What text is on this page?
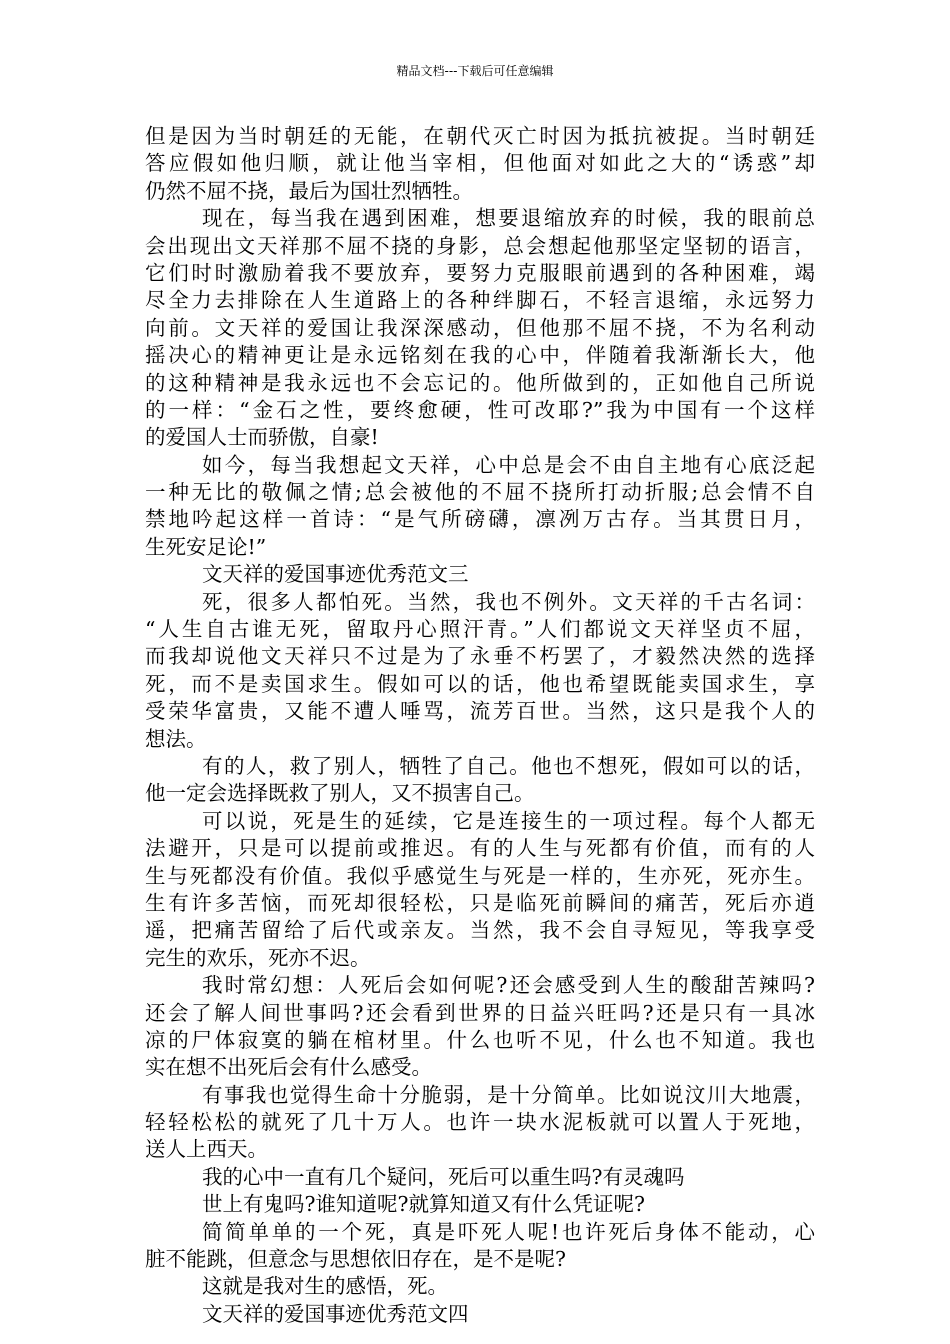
精品文档---下载后可任意编辑
但是因为当时朝廷的无能，在朝代灭亡时因为抵抗被捉。当时朝廷
答应假如他归顺，就让他当宰相，但他面对如此之大的“诱惑”却
仍然不屈不挠，最后为国壮烈牺牲。
现在，每当我在遇到困难，想要退缩放弃的时候，我的眼前总
会出现出文天祥那不屈不挠的身影，总会想起他那坚定坚韧的语言，
它们时时激励着我不要放弃，要努力克服眼前遇到的各种困难，竭
尽全力去排除在人生道路上的各种绊脚石，不轻言退缩，永远努力
向前。文天祥的爱国让我深深感动，但他那不屈不挠，不为名利动
摇决心的精神更让是永远铭刻在我的心中，伴随着我渐渐长大，他
的这种精神是我永远也不会忘记的。他所做到的，正如他自己所说
的一样：“金石之性，要终愈硬，性可改耶?”我为中国有一个这样
的爱国人士而骄傲，自豪!
如今，每当我想起文天祥，心中总是会不由自主地有心底泛起
一种无比的敬佩之情;总会被他的不屈不挠所打动折服;总会情不自
禁地吟起这样一首诗：“是气所磅礴，凛冽万古存。当其贯日月，
生死安足论!”
文天祥的爱国事迹优秀范文三
死，很多人都怕死。当然，我也不例外。文天祥的千古名词：
“人生自古谁无死，留取丹心照汗青。”人们都说文天祥坚贞不屈，
而我却说他文天祥只不过是为了永垂不朽罢了，才毅然决然的选择
死，而不是卖国求生。假如可以的话，他也希望既能卖国求生，享
受荣华富贵，又能不遭人唾骂，流芳百世。当然，这只是我个人的
想法。
有的人，救了别人，牺牲了自己。他也不想死，假如可以的话，
他一定会选择既救了别人，又不损害自己。
可以说，死是生的延续，它是连接生的一项过程。每个人都无
法避开，只是可以提前或推迟。有的人生与死都有价值，而有的人
生与死都没有价值。我似乎感觉生与死是一样的，生亦死，死亦生。
生有许多苦恼，而死却很轻松，只是临死前瞬间的痛苦，死后亦逍
遥，把痛苦留给了后代或亲友。当然，我不会自寻短见，等我享受
完生的欢乐，死亦不迟。
我时常幻想：人死后会如何呢?还会感受到人生的酸甜苦辣吗?
还会了解人间世事吗?还会看到世界的日益兴旺吗?还是只有一具冰
凉的尸体寂寞的躺在棺材里。什么也听不见，什么也不知道。我也
实在想不出死后会有什么感受。
有事我也觉得生命十分脆弱，是十分简单。比如说汶川大地震，
轻轻松松的就死了几十万人。也许一块水泥板就可以置人于死地，
送人上西天。
我的心中一直有几个疑问，死后可以重生吗?有灵魂吗
世上有鬼吗?谁知道呢?就算知道又有什么凭证呢?
简简单单的一个死，真是吓死人呢!也许死后身体不能动，心
脏不能跳，但意念与思想依旧存在，是不是呢?
这就是我对生的感悟，死。
文天祥的爱国事迹优秀范文四
